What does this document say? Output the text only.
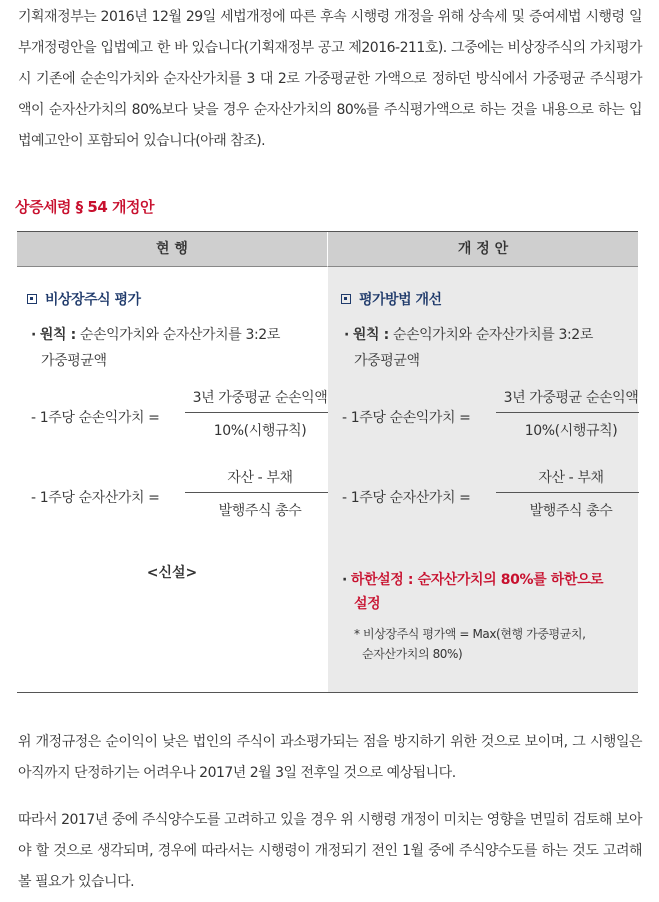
기획재정부는 2016년 12월 29일 세법개정에 따른 후속 시행령 개정을 위해 상속세 및 증여세법 시행령 일부개정령안을 입법예고 한 바 있습니다(기획재정부 공고 제2016-211호). 그중에는 비상장주식의 가치평가 시 기존에 순손익가치와 순자산가치를 3 대 2로 가중평균한 가액으로 정하던 방식에서 가중평균 주식평가액이 순자산가치의 80%보다 낮을 경우 순자산가치의 80%를 주식평가액으로 하는 것을 내용으로 하는 입법예고안이 포함되어 있습니다(아래 참조).

상증세령 § 54 개정안
현 행	개 정 안
비상장주식 평가
· 원칙 : 순손익가치와 순자산가치를 3:2로
가중평균액
- 1주당 순손익가치 =
3년 가중평균 순손익액
10%(시행규칙)
- 1주당 순자산가치 =
자산 - 부채
발행주식 총수
<신설>
평가방법 개선
· 원칙 : 순손익가치와 순자산가치를 3:2로
가중평균액
- 1주당 순손익가치 =
3년 가중평균 순손익액
10%(시행규칙)
- 1주당 순자산가치 =
자산 - 부채
발행주식 총수
· 하한설정 : 순자산가치의 80%를 하한으로
설정
* 비상장주식 평가액 = Max(현행 가중평균치,
순자산가치의 80%)

위 개정규정은 순이익이 낮은 법인의 주식이 과소평가되는 점을 방지하기 위한 것으로 보이며, 그 시행일은 아직까지 단정하기는 어려우나 2017년 2월 3일 전후일 것으로 예상됩니다.

따라서 2017년 중에 주식양수도를 고려하고 있을 경우 위 시행령 개정이 미치는 영향을 면밀히 검토해 보아야 할 것으로 생각되며, 경우에 따라서는 시행령이 개정되기 전인 1월 중에 주식양수도를 하는 것도 고려해 볼 필요가 있습니다.
